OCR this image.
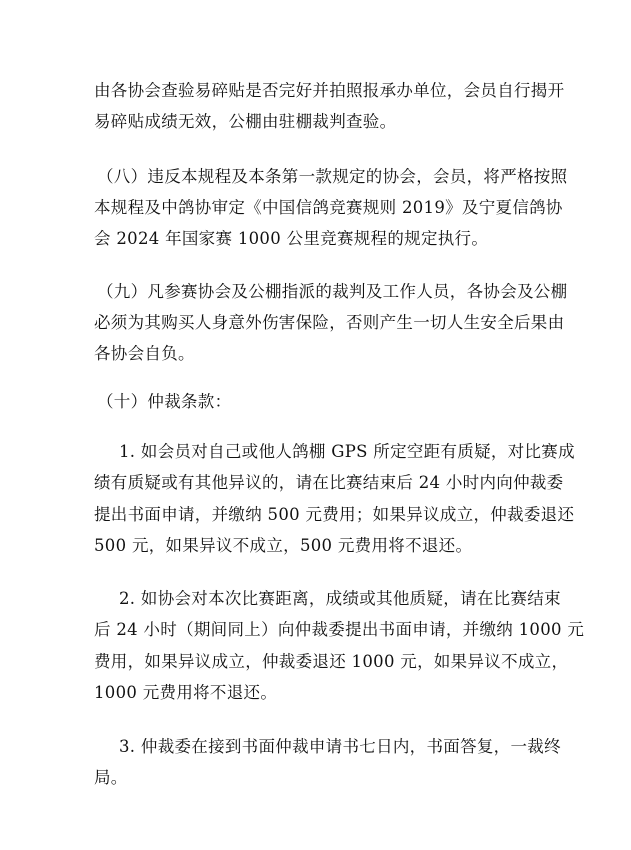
由各协会查验易碎贴是否完好并拍照报承办单位，会员自行揭开
易碎贴成绩无效，公棚由驻棚裁判查验。
（八）违反本规程及本条第一款规定的协会，会员，将严格按照
本规程及中鸽协审定《中国信鸽竞赛规则 2019》及宁夏信鸽协
会 2024 年国家赛 1000 公里竞赛规程的规定执行。
（九）凡参赛协会及公棚指派的裁判及工作人员，各协会及公棚
必须为其购买人身意外伤害保险，否则产生一切人生安全后果由
各协会自负。
（十）仲裁条款：
1. 如会员对自己或他人鸽棚 GPS 所定空距有质疑，对比赛成
绩有质疑或有其他异议的，请在比赛结束后 24 小时内向仲裁委
提出书面申请，并缴纳 500 元费用；如果异议成立，仲裁委退还
500 元，如果异议不成立，500 元费用将不退还。
2. 如协会对本次比赛距离，成绩或其他质疑，请在比赛结束
后 24 小时（期间同上）向仲裁委提出书面申请，并缴纳 1000 元
费用，如果异议成立，仲裁委退还 1000 元，如果异议不成立，
1000 元费用将不退还。
3. 仲裁委在接到书面仲裁申请书七日内，书面答复，一裁终
局。
